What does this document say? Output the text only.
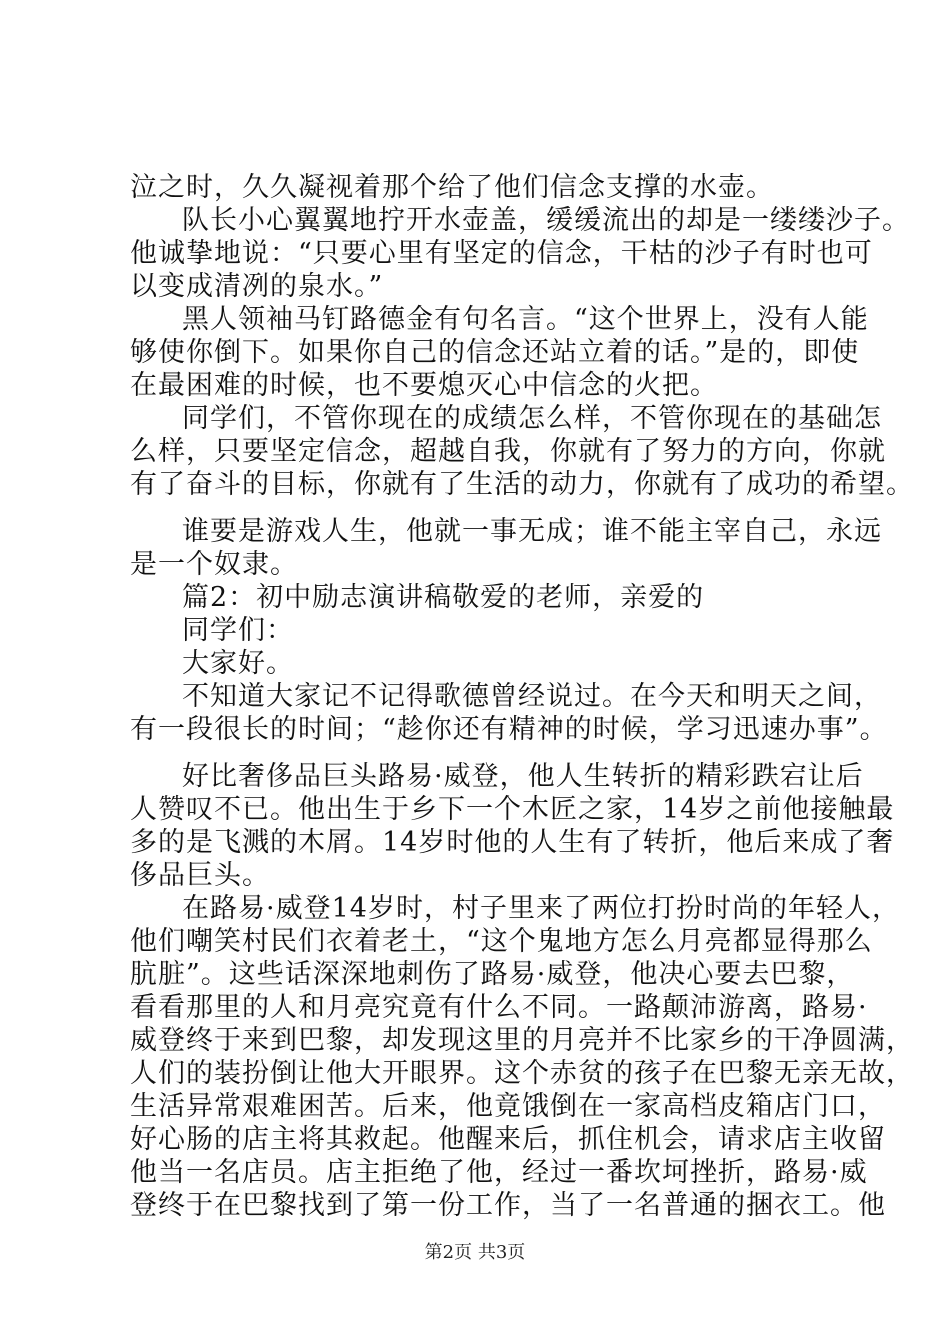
泣之时，久久凝视着那个给了他们信念支撑的水壶。
队长小心翼翼地拧开水壶盖，缓缓流出的却是一缕缕沙子。
他诚挚地说：“只要心里有坚定的信念，干枯的沙子有时也可
以变成清冽的泉水。”
黑人领袖马钉路德金有句名言。“这个世界上，没有人能
够使你倒下。如果你自己的信念还站立着的话。”是的，即使
在最困难的时候，也不要熄灭心中信念的火把。
同学们，不管你现在的成绩怎么样，不管你现在的基础怎
么样，只要坚定信念，超越自我，你就有了努力的方向，你就
有了奋斗的目标，你就有了生活的动力，你就有了成功的希望。
谁要是游戏人生，他就一事无成；谁不能主宰自己，永远
是一个奴隶。
篇2：初中励志演讲稿敬爱的老师，亲爱的
同学们：
大家好。
不知道大家记不记得歌德曾经说过。在今天和明天之间，
有一段很长的时间；“趁你还有精神的时候，学习迅速办事”。
好比奢侈品巨头路易·威登，他人生转折的精彩跌宕让后
人赞叹不已。他出生于乡下一个木匠之家，14岁之前他接触最
多的是飞溅的木屑。14岁时他的人生有了转折，他后来成了奢
侈品巨头。
在路易·威登14岁时，村子里来了两位打扮时尚的年轻人，
他们嘲笑村民们衣着老土，“这个鬼地方怎么月亮都显得那么
肮脏”。这些话深深地刺伤了路易·威登，他决心要去巴黎，
看看那里的人和月亮究竟有什么不同。一路颠沛游离，路易·
威登终于来到巴黎，却发现这里的月亮并不比家乡的干净圆满，
人们的装扮倒让他大开眼界。这个赤贫的孩子在巴黎无亲无故，
生活异常艰难困苦。后来，他竟饿倒在一家高档皮箱店门口，
好心肠的店主将其救起。他醒来后，抓住机会，请求店主收留
他当一名店员。店主拒绝了他，经过一番坎坷挫折，路易·威
登终于在巴黎找到了第一份工作，当了一名普通的捆衣工。他
第2页 共3页
